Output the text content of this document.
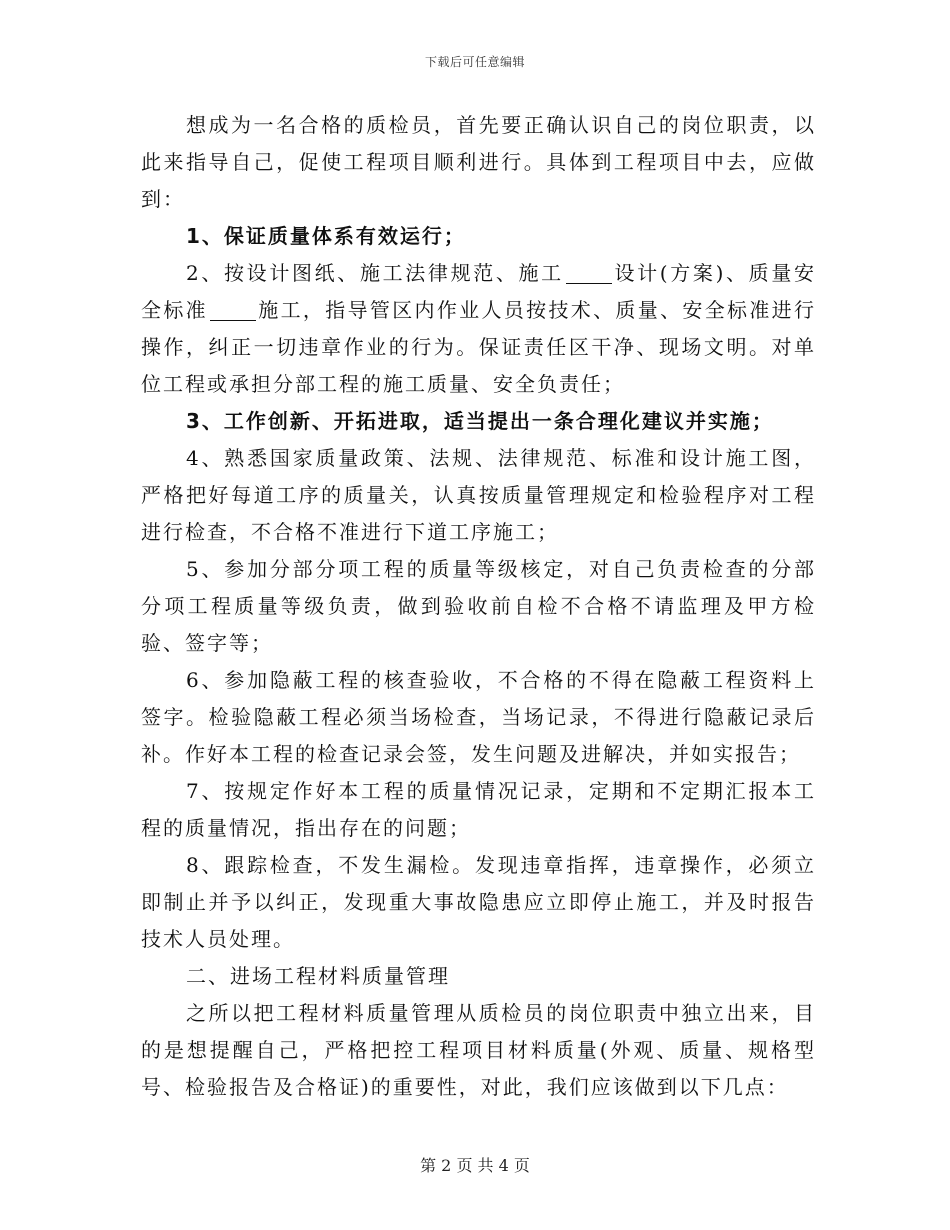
下载后可任意编辑

想成为一名合格的质检员，首先要正确认识自己的岗位职责，以此来指导自己，促使工程项目顺利进行。具体到工程项目中去，应做到：

1、保证质量体系有效运行；

2、按设计图纸、施工法律规范、施工	设计(方案)、质量安全标准	施工，指导管区内作业人员按技术、质量、安全标准进行操作，纠正一切违章作业的行为。保证责任区干净、现场文明。对单位工程或承担分部工程的施工质量、安全负责任；

3、工作创新、开拓进取，适当提出一条合理化建议并实施；

4、熟悉国家质量政策、法规、法律规范、标准和设计施工图，严格把好每道工序的质量关，认真按质量管理规定和检验程序对工程进行检查，不合格不准进行下道工序施工；

5、参加分部分项工程的质量等级核定，对自己负责检查的分部分项工程质量等级负责，做到验收前自检不合格不请监理及甲方检验、签字等；

6、参加隐蔽工程的核查验收，不合格的不得在隐蔽工程资料上签字。检验隐蔽工程必须当场检查，当场记录，不得进行隐蔽记录后补。作好本工程的检查记录会签，发生问题及进解决，并如实报告；

7、按规定作好本工程的质量情况记录，定期和不定期汇报本工程的质量情况，指出存在的问题；

8、跟踪检查，不发生漏检。发现违章指挥，违章操作，必须立即制止并予以纠正，发现重大事故隐患应立即停止施工，并及时报告技术人员处理。

二、进场工程材料质量管理

之所以把工程材料质量管理从质检员的岗位职责中独立出来，目的是想提醒自己，严格把控工程项目材料质量(外观、质量、规格型号、检验报告及合格证)的重要性，对此，我们应该做到以下几点：

第 2 页 共 4 页
